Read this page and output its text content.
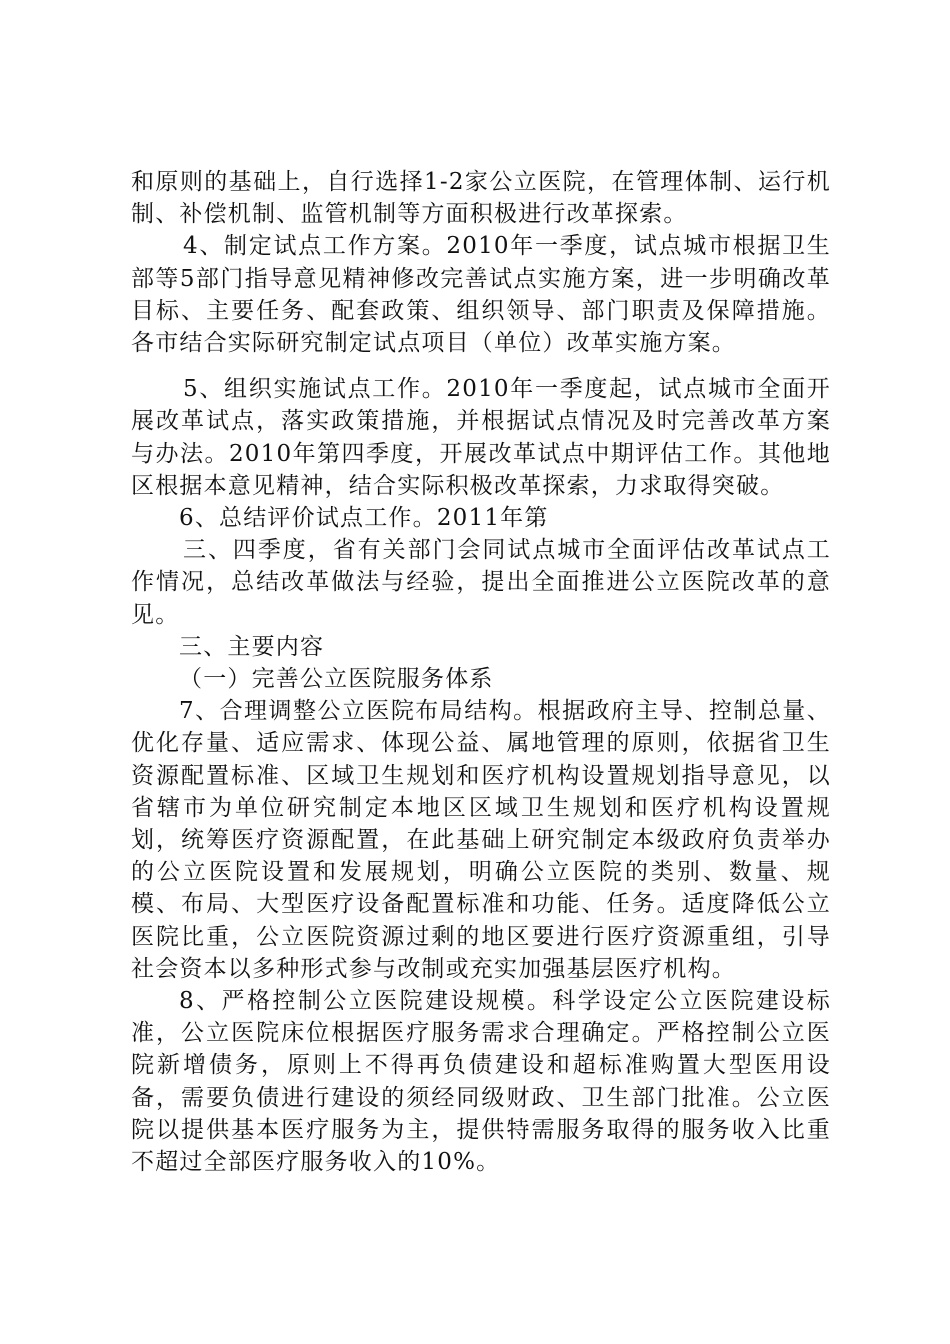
和原则的基础上，自行选择1-2家公立医院，在管理体制、运行机制、补偿机制、监管机制等方面积极进行改革探索。

4、制定试点工作方案。2010年一季度，试点城市根据卫生部等5部门指导意见精神修改完善试点实施方案，进一步明确改革目标、主要任务、配套政策、组织领导、部门职责及保障措施。各市结合实际研究制定试点项目（单位）改革实施方案。

5、组织实施试点工作。2010年一季度起，试点城市全面开展改革试点，落实政策措施，并根据试点情况及时完善改革方案与办法。2010年第四季度，开展改革试点中期评估工作。其他地区根据本意见精神，结合实际积极改革探索，力求取得突破。

6、总结评价试点工作。2011年第

三、四季度，省有关部门会同试点城市全面评估改革试点工作情况，总结改革做法与经验，提出全面推进公立医院改革的意见。

三、主要内容

（一）完善公立医院服务体系

7、合理调整公立医院布局结构。根据政府主导、控制总量、优化存量、适应需求、体现公益、属地管理的原则，依据省卫生资源配置标准、区域卫生规划和医疗机构设置规划指导意见，以省辖市为单位研究制定本地区区域卫生规划和医疗机构设置规划，统筹医疗资源配置，在此基础上研究制定本级政府负责举办的公立医院设置和发展规划，明确公立医院的类别、数量、规模、布局、大型医疗设备配置标准和功能、任务。适度降低公立医院比重，公立医院资源过剩的地区要进行医疗资源重组，引导社会资本以多种形式参与改制或充实加强基层医疗机构。

8、严格控制公立医院建设规模。科学设定公立医院建设标准，公立医院床位根据医疗服务需求合理确定。严格控制公立医院新增债务，原则上不得再负债建设和超标准购置大型医用设备，需要负债进行建设的须经同级财政、卫生部门批准。公立医院以提供基本医疗服务为主，提供特需服务取得的服务收入比重不超过全部医疗服务收入的10%。
